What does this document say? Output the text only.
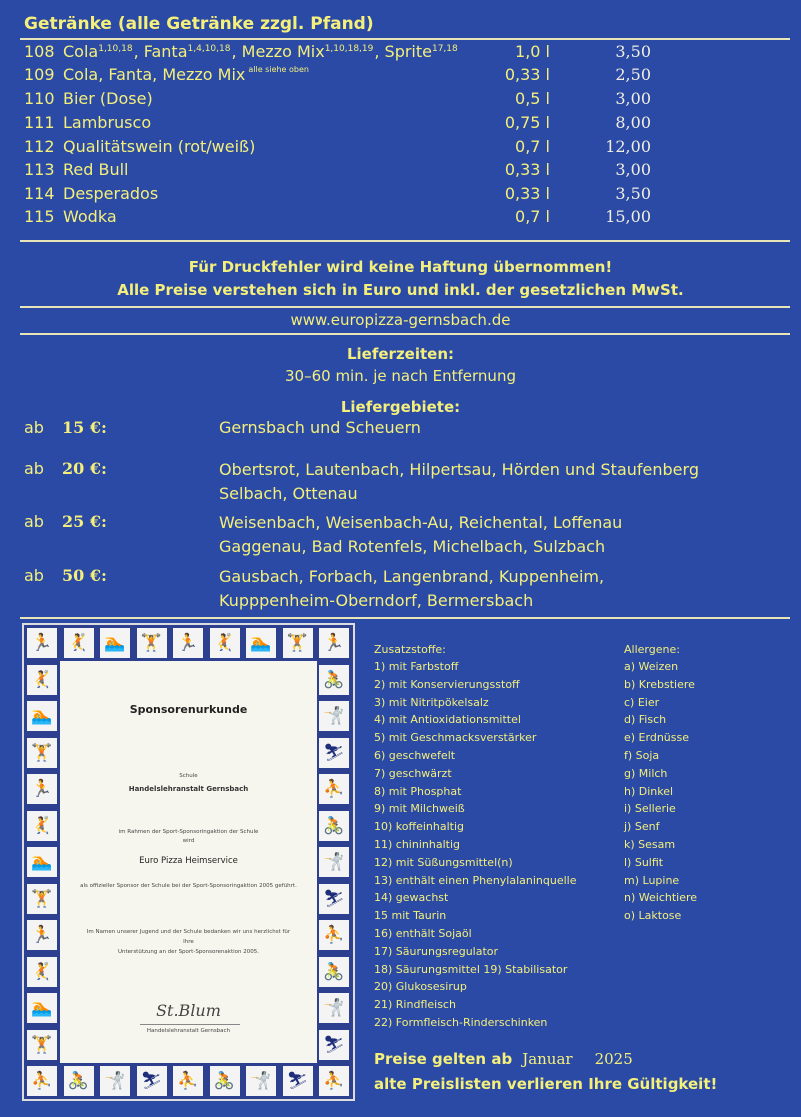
Getränke (alle Getränke zzgl. Pfand)
108 Cola$^{1,10,18}$, Fanta$^{1,4,10,18}$, Mezzo Mix$^{1,10,18,19}$, Sprite$^{17,18}$	1,0 l	3,50
109 Cola, Fanta, Mezzo Mix alle siehe oben	0,33 l	2,50
110 Bier (Dose)	0,5 l	3,00
111 Lambrusco	0,75 l	8,00
112 Qualitätswein (rot/weiß)	0,7 l	12,00
113 Red Bull	0,33 l	3,00
114 Desperados	0,33 l	3,50
115 Wodka	0,7 l	15,00
Für Druckfehler wird keine Haftung übernommen!
Alle Preise verstehen sich in Euro und inkl. der gesetzlichen MwSt.
www.europizza-gernsbach.de
Lieferzeiten:
30–60 min. je nach Entfernung
Liefergebiete:
ab 15 €:	Gernsbach und Scheuern
ab 20 €:	Obertsrot, Lautenbach, Hilpertsau, Hörden und Staufenberg
Selbach, Ottenau
ab 25 €:	Weisenbach, Weisenbach-Au, Reichental, Loffenau
Gaggenau, Bad Rotenfels, Michelbach, Sulzbach
ab 50 €:	Gausbach, Forbach, Langenbrand, Kuppenheim,
Kupppenheim-Oberndorf, Bermersbach
🏃
⛹
🤾
🚴
🏊
🤺
🏋
⛷
🏃
⛹
🤾
🚴
🏊
🤺
🏋
⛷
🏃
⛹
🤾	🚴
🏊	🤺
🏋	⛷
🏃	⛹
🤾	🚴
🏊	🤺
🏋	⛷
🏃	⛹
🤾	🚴
🏊	🤺
🏋	⛷
Sponsorenurkunde
Schule
Handelslehranstalt Gernsbach
im Rahmen der Sport-Sponsoringaktion der Schule
wird
Euro Pizza Heimservice
als offizieller Sponsor der Schule bei der Sport-Sponsoringaktion 2005 geführt.
Im Namen unserer Jugend und der Schule bedanken wir uns herzlichst für
Ihre
Unterstützung an der Sport-Sponsorenaktion 2005.
St.Blum
Handelslehranstalt Gernsbach
Zusatzstoffe:
1) mit Farbstoff
2) mit Konservierungsstoff
3) mit Nitritpökelsalz
4) mit Antioxidationsmittel
5) mit Geschmacksverstärker
6) geschwefelt
7) geschwärzt
8) mit Phosphat
9) mit Milchweiß
10) koffeinhaltig
11) chininhaltig
12) mit Süßungsmittel(n)
13) enthält einen Phenylalaninquelle
14) gewachst
15 mit Taurin
16) enthält Sojaöl
17) Säurungsregulator
18) Säurungsmittel 19) Stabilisator
20) Glukosesirup
21) Rindfleisch
22) Formfleisch-Rinderschinken
Allergene:
a) Weizen
b) Krebstiere
c) Eier
d) Fisch
e) Erdnüsse
f) Soja
g) Milch
h) Dinkel
i) Sellerie
j) Senf
k) Sesam
l) Sulfit
m) Lupine
n) Weichtiere
o) Laktose
Preise gelten ab Januar 2025
alte Preislisten verlieren Ihre Gültigkeit!
